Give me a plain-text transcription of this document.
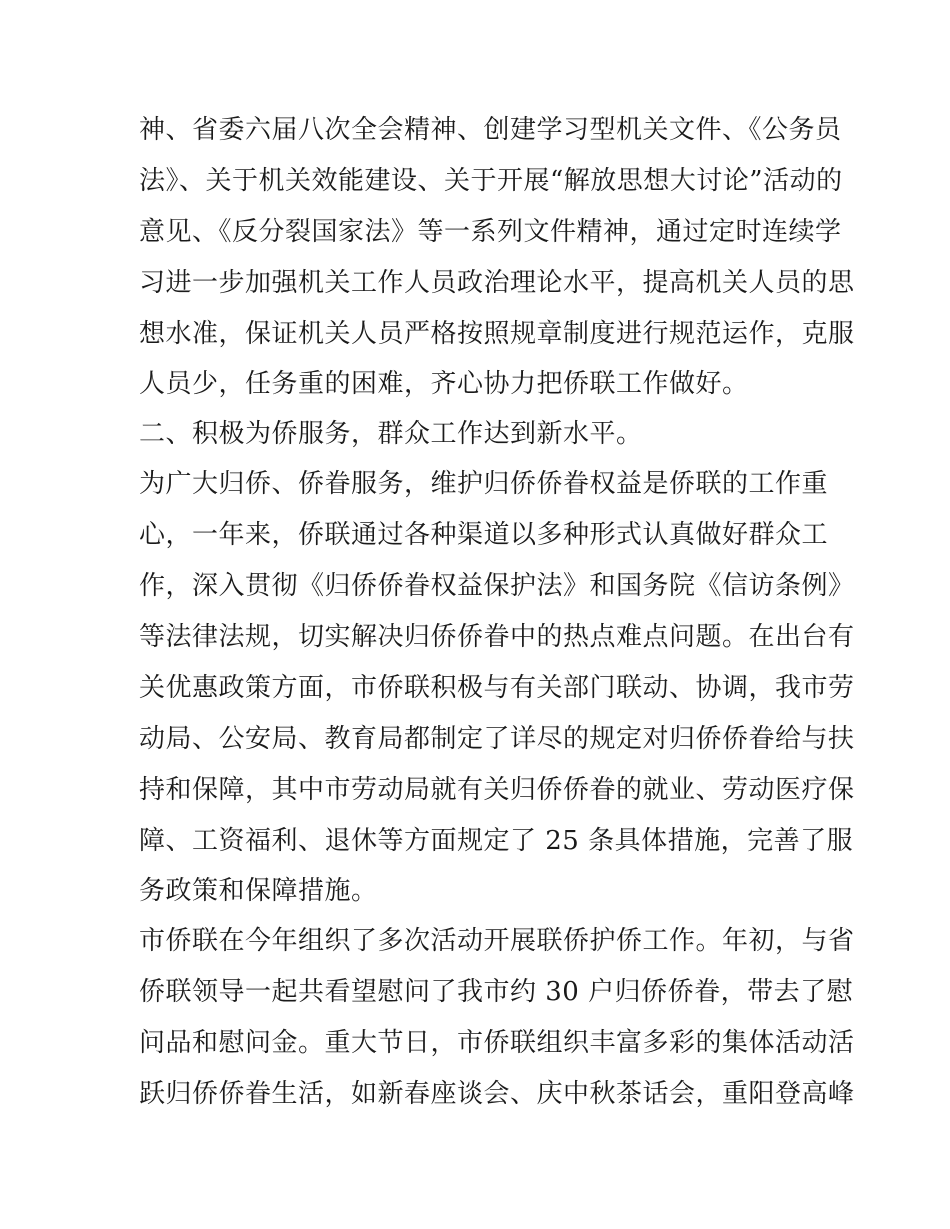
神、省委六届八次全会精神、创建学习型机关文件、《公务员
法》、关于机关效能建设、关于开展“解放思想大讨论”活动的
意见、《反分裂国家法》等一系列文件精神，通过定时连续学
习进一步加强机关工作人员政治理论水平，提高机关人员的思
想水准，保证机关人员严格按照规章制度进行规范运作，克服
人员少，任务重的困难，齐心协力把侨联工作做好。
二、积极为侨服务，群众工作达到新水平。
为广大归侨、侨眷服务，维护归侨侨眷权益是侨联的工作重
心，一年来，侨联通过各种渠道以多种形式认真做好群众工
作，深入贯彻《归侨侨眷权益保护法》和国务院《信访条例》
等法律法规，切实解决归侨侨眷中的热点难点问题。在出台有
关优惠政策方面，市侨联积极与有关部门联动、协调，我市劳
动局、公安局、教育局都制定了详尽的规定对归侨侨眷给与扶
持和保障，其中市劳动局就有关归侨侨眷的就业、劳动医疗保
障、工资福利、退休等方面规定了 25 条具体措施，完善了服
务政策和保障措施。
市侨联在今年组织了多次活动开展联侨护侨工作。年初，与省
侨联领导一起共看望慰问了我市约 30 户归侨侨眷，带去了慰
问品和慰问金。重大节日，市侨联组织丰富多彩的集体活动活
跃归侨侨眷生活，如新春座谈会、庆中秋茶话会，重阳登高峰
